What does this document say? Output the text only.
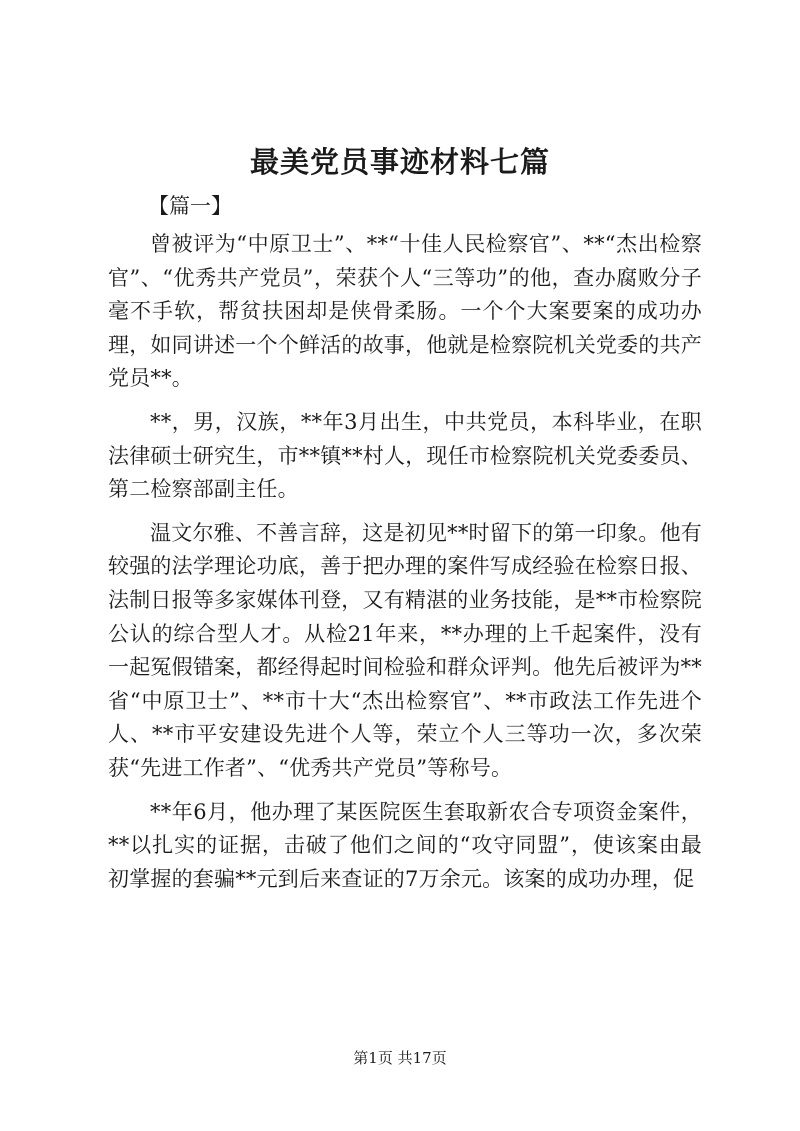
最美党员事迹材料七篇
【篇一】

曾被评为“中原卫士”、**“十佳人民检察官”、**“杰出检察官”、“优秀共产党员”，荣获个人“三等功”的他，查办腐败分子毫不手软，帮贫扶困却是侠骨柔肠。一个个大案要案的成功办理，如同讲述一个个鲜活的故事，他就是检察院机关党委的共产党员**。

**，男，汉族，**年3月出生，中共党员，本科毕业，在职法律硕士研究生，市**镇**村人，现任市检察院机关党委委员、第二检察部副主任。

温文尔雅、不善言辞，这是初见**时留下的第一印象。他有较强的法学理论功底，善于把办理的案件写成经验在检察日报、法制日报等多家媒体刊登，又有精湛的业务技能，是**市检察院公认的综合型人才。从检21年来，**办理的上千起案件，没有一起冤假错案，都经得起时间检验和群众评判。他先后被评为**省“中原卫士”、**市十大“杰出检察官”、**市政法工作先进个人、**市平安建设先进个人等，荣立个人三等功一次，多次荣获“先进工作者”、“优秀共产党员”等称号。

**年6月，他办理了某医院医生套取新农合专项资金案件，**以扎实的证据，击破了他们之间的“攻守同盟”，使该案由最初掌握的套骗**元到后来查证的7万余元。该案的成功办理，促

第1页 共17页
